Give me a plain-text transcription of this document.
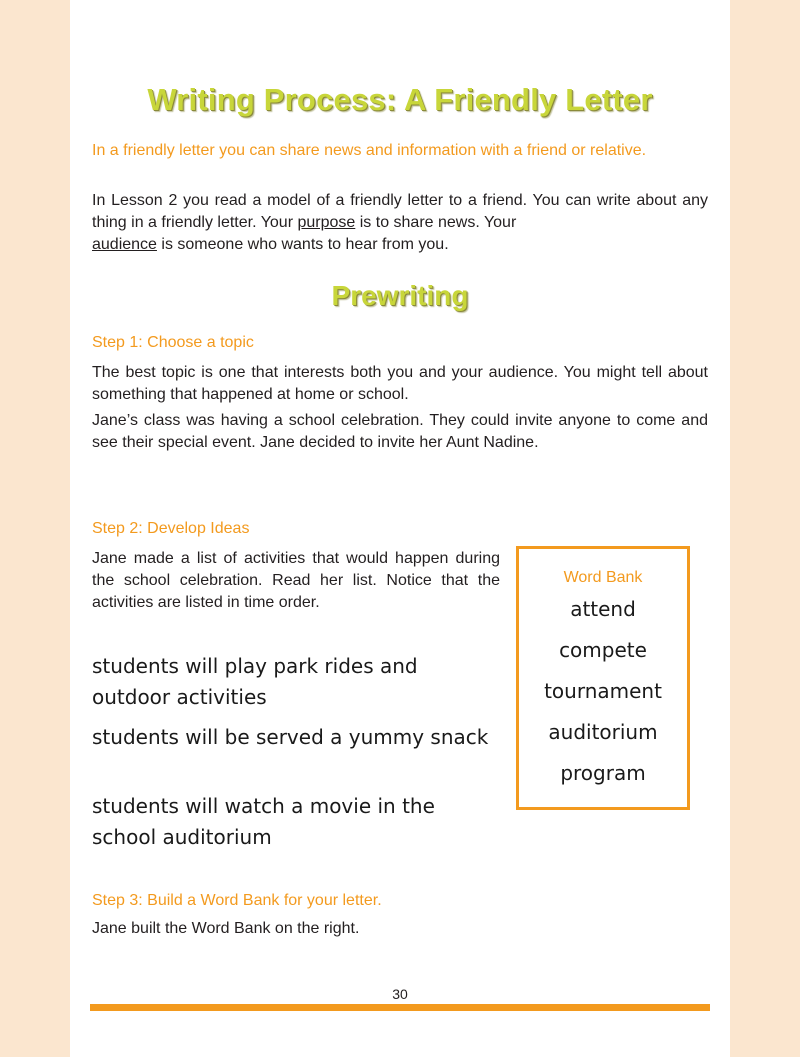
Writing Process: A Friendly Letter
In a friendly letter you can share news and information with a friend or relative.
In Lesson 2 you read a model of a friendly letter to a friend. You can write about any thing in a friendly letter. Your purpose is to share news. Your
audience is someone who wants to hear from you.
Prewriting
Step 1: Choose a topic
The best topic is one that interests both you and your audience. You might tell about something that happened at home or school.
Jane’s class was having a school celebration. They could invite anyone to come and see their special event. Jane decided to invite her Aunt Nadine.
Step 2: Develop Ideas
Jane made a list of activities that would happen during the school celebration. Read her list. Notice that the activities are listed in time order.
students will play park rides and outdoor activities
students will be served a yummy snack
students will watch a movie in the school auditorium
Word Bank
attend
compete
tournament
auditorium
program
Step 3: Build a Word Bank for your letter.
Jane built the Word Bank on the right.
30
